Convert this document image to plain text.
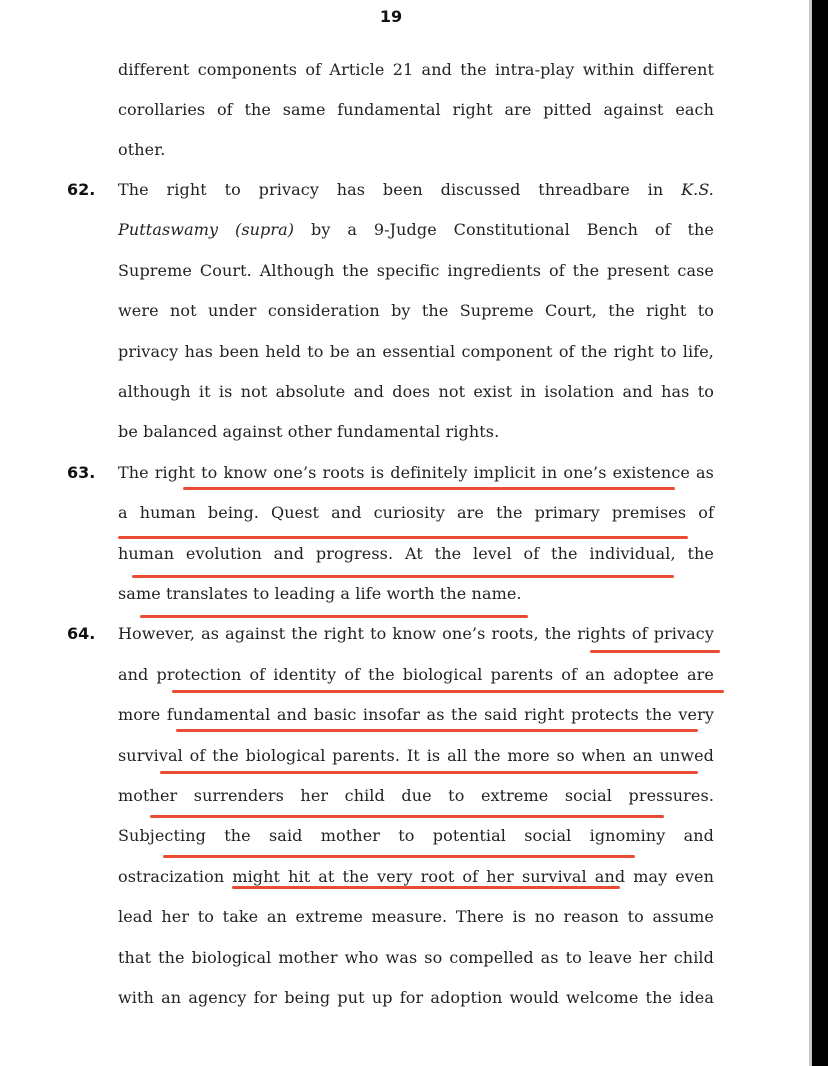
19
different components of Article 21 and the intra-play within different
corollaries of the same fundamental right are pitted against each
other.
62. The right to privacy has been discussed threadbare in K.S.
Puttaswamy (supra) by a 9-Judge Constitutional Bench of the
Supreme Court. Although the specific ingredients of the present case
were not under consideration by the Supreme Court, the right to
privacy has been held to be an essential component of the right to life,
although it is not absolute and does not exist in isolation and has to
be balanced against other fundamental rights.
63. The right to know one’s roots is definitely implicit in one’s existence as
a human being. Quest and curiosity are the primary premises of
human evolution and progress. At the level of the individual, the
same translates to leading a life worth the name.
64. However, as against the right to know one’s roots, the rights of privacy
and protection of identity of the biological parents of an adoptee are
more fundamental and basic insofar as the said right protects the very
survival of the biological parents. It is all the more so when an unwed
mother surrenders her child due to extreme social pressures.
Subjecting the said mother to potential social ignominy and
ostracization might hit at the very root of her survival and may even
lead her to take an extreme measure. There is no reason to assume
that the biological mother who was so compelled as to leave her child
with an agency for being put up for adoption would welcome the idea
